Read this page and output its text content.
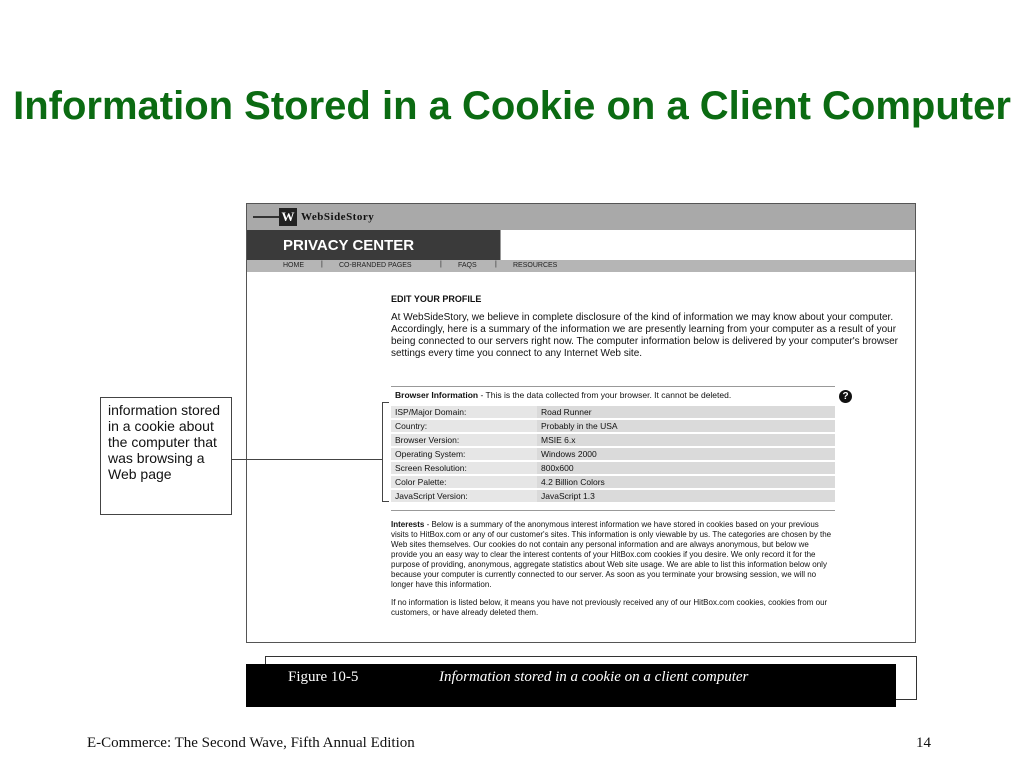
Information Stored in a Cookie on a Client Computer
W WebSideStory
PRIVACY CENTER
HOME | CO-BRANDED PAGES	| FAQS	| RESOURCES
EDIT YOUR PROFILE

At WebSideStory, we believe in complete disclosure of the kind of information we may know about your computer. Accordingly, here is a summary of the information we are presently learning from your computer as a result of your being connected to our servers right now. The computer information below is delivered by your computer's browser settings every time you connect to any Internet Web site.

Browser Information - This is the data collected from your browser. It cannot be deleted.	?
ISP/Major Domain:	Road Runner
Country:	Probably in the USA
Browser Version:	MSIE 6.x
Operating System:	Windows 2000
Screen Resolution:	800x600
Color Palette:	4.2 Billion Colors
JavaScript Version:	JavaScript 1.3

Interests - Below is a summary of the anonymous interest information we have stored in cookies based on your previous visits to HitBox.com or any of our customer's sites. This information is only viewable by us. The categories are chosen by the Web sites themselves. Our cookies do not contain any personal information and are always anonymous, but below we provide you an easy way to clear the interest contents of your HitBox.com cookies if you desire. We only record it for the purpose of providing, anonymous, aggregate statistics about Web site usage. We are able to list this information below only because your computer is currently connected to our server. As soon as you terminate your browsing session, we will no longer have this information.

If no information is listed below, it means you have not previously received any of our HitBox.com cookies, cookies from our customers, or have already deleted them.

information stored in a cookie about the computer that was browsing a Web page
Figure 10-5	Information stored in a cookie on a client computer
E-Commerce: The Second Wave, Fifth Annual Edition	14
